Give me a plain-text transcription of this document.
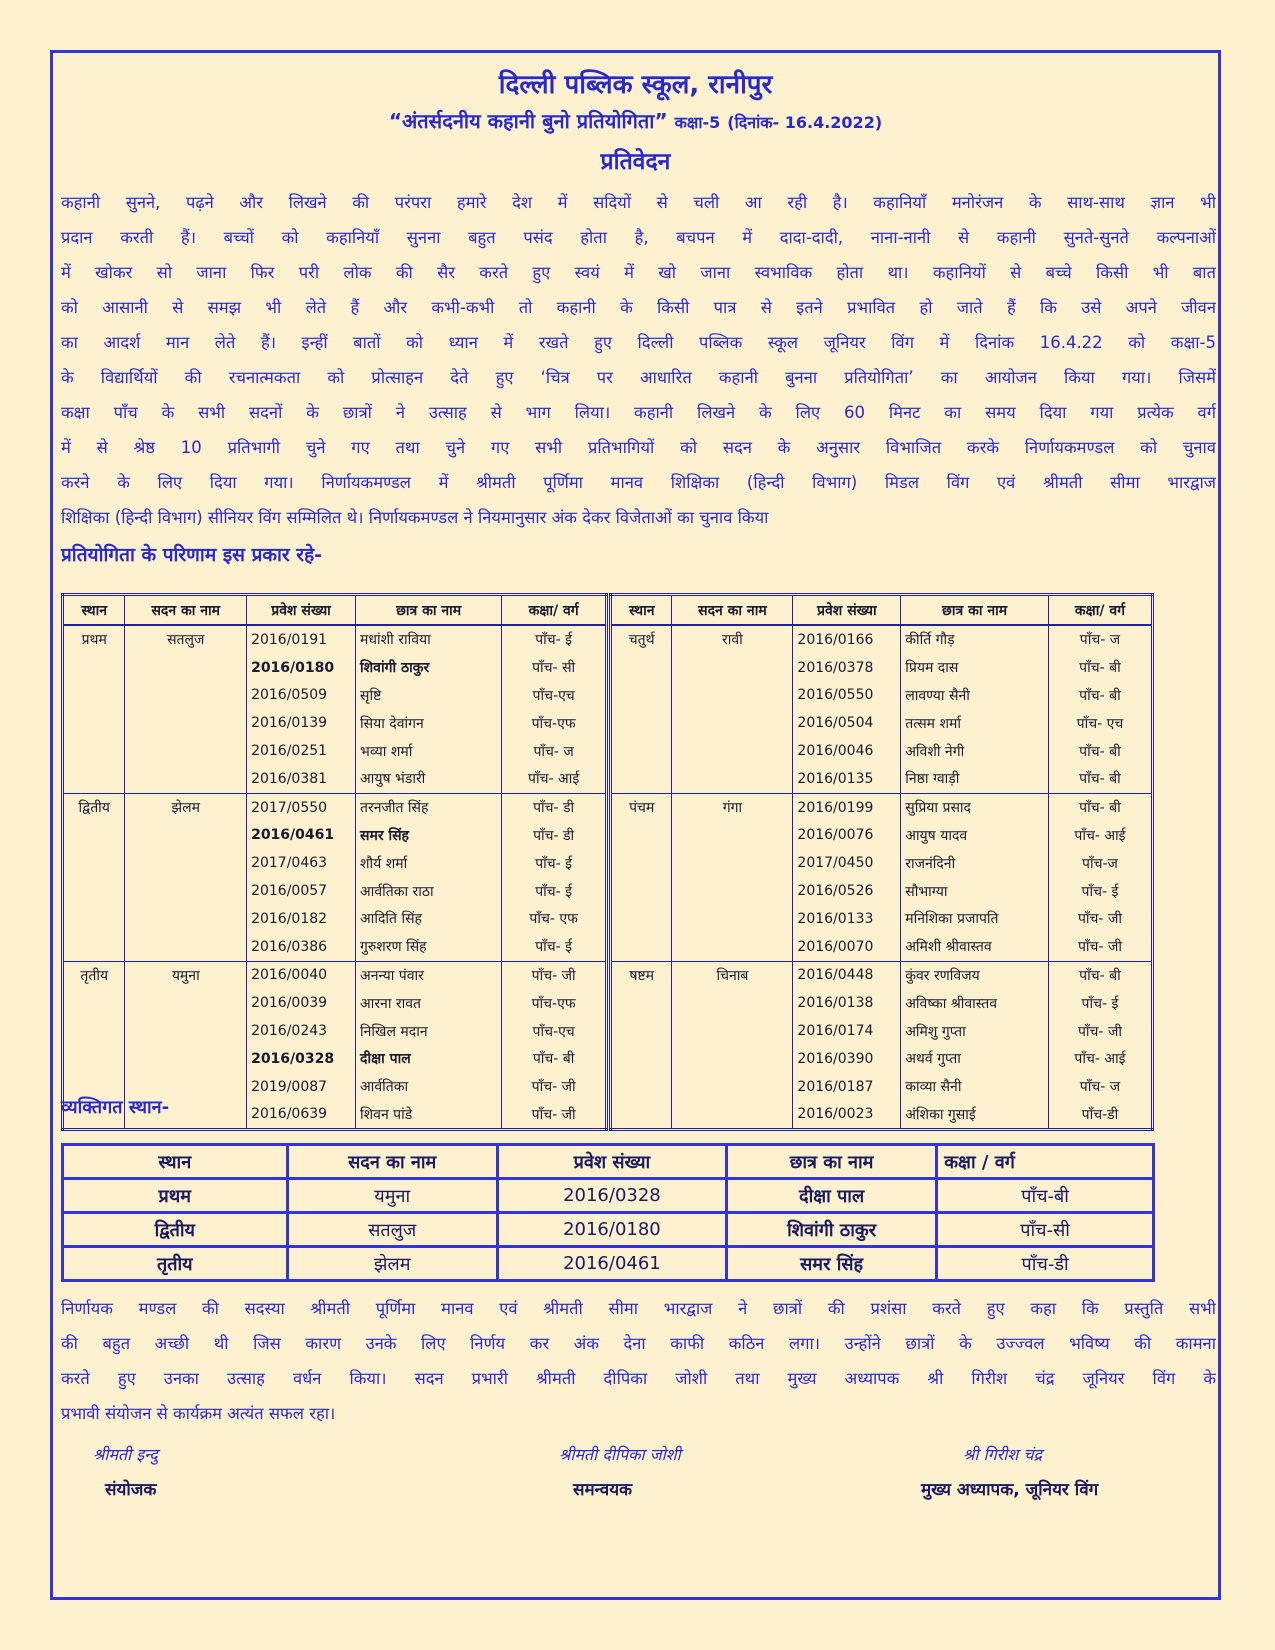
दिल्ली पब्लिक स्कूल, रानीपुर
“अंतर्सदनीय कहानी बुनो प्रतियोगिता” कक्षा-5 (दिनांक- 16.4.2022)
प्रतिवेदन
कहानी सुनने, पढ़ने और लिखने की परंपरा हमारे देश में सदियों से चली आ रही है। कहानियाँ मनोरंजन के साथ-साथ ज्ञान भी
प्रदान करती हैं। बच्चों को कहानियाँ सुनना बहुत पसंद होता है, बचपन में दादा-दादी, नाना-नानी से कहानी सुनते-सुनते कल्पनाओं
में खोकर सो जाना फिर परी लोक की सैर करते हुए स्वयं में खो जाना स्वभाविक होता था। कहानियों से बच्चे किसी भी बात
को आसानी से समझ भी लेते हैं और कभी-कभी तो कहानी के किसी पात्र से इतने प्रभावित हो जाते हैं कि उसे अपने जीवन
का आदर्श मान लेते हैं। इन्हीं बातों को ध्यान में रखते हुए दिल्ली पब्लिक स्कूल जूनियर विंग में दिनांक 16.4.22 को कक्षा-5
के विद्यार्थियों की रचनात्मकता को प्रोत्साहन देते हुए ‘चित्र पर आधारित कहानी बुनना प्रतियोगिता’ का आयोजन किया गया। जिसमें
कक्षा पाँच के सभी सदनों के छात्रों ने उत्साह से भाग लिया। कहानी लिखने के लिए 60 मिनट का समय दिया गया प्रत्येक वर्ग
में से श्रेष्ठ 10 प्रतिभागी चुने गए तथा चुने गए सभी प्रतिभागियों को सदन के अनुसार विभाजित करके निर्णायकमण्डल को चुनाव
करने के लिए दिया गया। निर्णायकमण्डल में श्रीमती पूर्णिमा मानव शिक्षिका (हिन्दी विभाग) मिडल विंग एवं श्रीमती सीमा भारद्वाज
शिक्षिका (हिन्दी विभाग) सीनियर विंग सम्मिलित थे। निर्णायकमण्डल ने नियमानुसार अंक देकर विजेताओं का चुनाव किया
प्रतियोगिता के परिणाम इस प्रकार रहे-
स्थान	सदन का नाम	प्रवेश संख्या	छात्र का नाम	कक्षा/ वर्ग
प्रथम	सतलुज	2016/0191	मधांशी राविया	पाँच- ई
		2016/0180	शिवांगी ठाकुर	पाँच- सी
		2016/0509	सृष्टि	पाँच-एच
		2016/0139	सिया देवांगन	पाँच-एफ
		2016/0251	भव्या शर्मा	पाँच- ज
		2016/0381	आयुष भंडारी	पाँच- आई
द्वितीय	झेलम	2017/0550	तरनजीत सिंह	पाँच- डी
		2016/0461	समर सिंह	पाँच- डी
		2017/0463	शौर्य शर्मा	पाँच- ई
		2016/0057	आर्वतिका राठा	पाँच- ई
		2016/0182	आदिति सिंह	पाँच- एफ
		2016/0386	गुरुशरण सिंह	पाँच- ई
तृतीय	यमुना	2016/0040	अनन्या पंवार	पाँच- जी
		2016/0039	आरना रावत	पाँच-एफ
		2016/0243	निखिल मदान	पाँच-एच
		2016/0328	दीक्षा पाल	पाँच- बी
		2019/0087	आर्वतिका	पाँच- जी
		2016/0639	शिवन पांडे	पाँच- जी
स्थान	सदन का नाम	प्रवेश संख्या	छात्र का नाम	कक्षा/ वर्ग
चतुर्थ	रावी	2016/0166	कीर्ति गौड़	पाँच- ज
		2016/0378	प्रियम दास	पाँच- बी
		2016/0550	लावण्या सैनी	पाँच- बी
		2016/0504	तत्सम शर्मा	पाँच- एच
		2016/0046	अविशी नेगी	पाँच- बी
		2016/0135	निष्ठा ग्वाड़ी	पाँच- बी
पंचम	गंगा	2016/0199	सुप्रिया प्रसाद	पाँच- बी
		2016/0076	आयुष यादव	पाँच- आई
		2017/0450	राजनंदिनी	पाँच-ज
		2016/0526	सौभाग्या	पाँच- ई
		2016/0133	मनिशिका प्रजापति	पाँच- जी
		2016/0070	अमिशी श्रीवास्तव	पाँच- जी
षष्टम	चिनाब	2016/0448	कुंवर रणविजय	पाँच- बी
		2016/0138	अविष्का श्रीवास्तव	पाँच- ई
		2016/0174	अमिशु गुप्ता	पाँच- जी
		2016/0390	अथर्व गुप्ता	पाँच- आई
		2016/0187	काव्या सैनी	पाँच- ज
		2016/0023	अंशिका गुसाई	पाँच-डी
व्यक्तिगत स्थान-
स्थान	सदन का नाम	प्रवेश संख्या	छात्र का नाम	कक्षा / वर्ग
प्रथम	यमुना	2016/0328	दीक्षा पाल	पाँच-बी
द्वितीय	सतलुज	2016/0180	शिवांगी ठाकुर	पाँच-सी
तृतीय	झेलम	2016/0461	समर सिंह	पाँच-डी
निर्णायक मण्डल की सदस्या श्रीमती पूर्णिमा मानव एवं श्रीमती सीमा भारद्वाज ने छात्रों की प्रशंसा करते हुए कहा कि प्रस्तुति सभी
की बहुत अच्छी थी जिस कारण उनके लिए निर्णय कर अंक देना काफी कठिन लगा। उन्होंने छात्रों के उज्ज्वल भविष्य की कामना
करते हुए उनका उत्साह वर्धन किया। सदन प्रभारी श्रीमती दीपिका जोशी तथा मुख्य अध्यापक श्री गिरीश चंद्र जूनियर विंग के
प्रभावी संयोजन से कार्यक्रम अत्यंत सफल रहा।
श्रीमती इन्दु
संयोजक
श्रीमती दीपिका जोशी
समन्वयक
श्री गिरीश चंद्र
मुख्य अध्यापक, जूनियर विंग
